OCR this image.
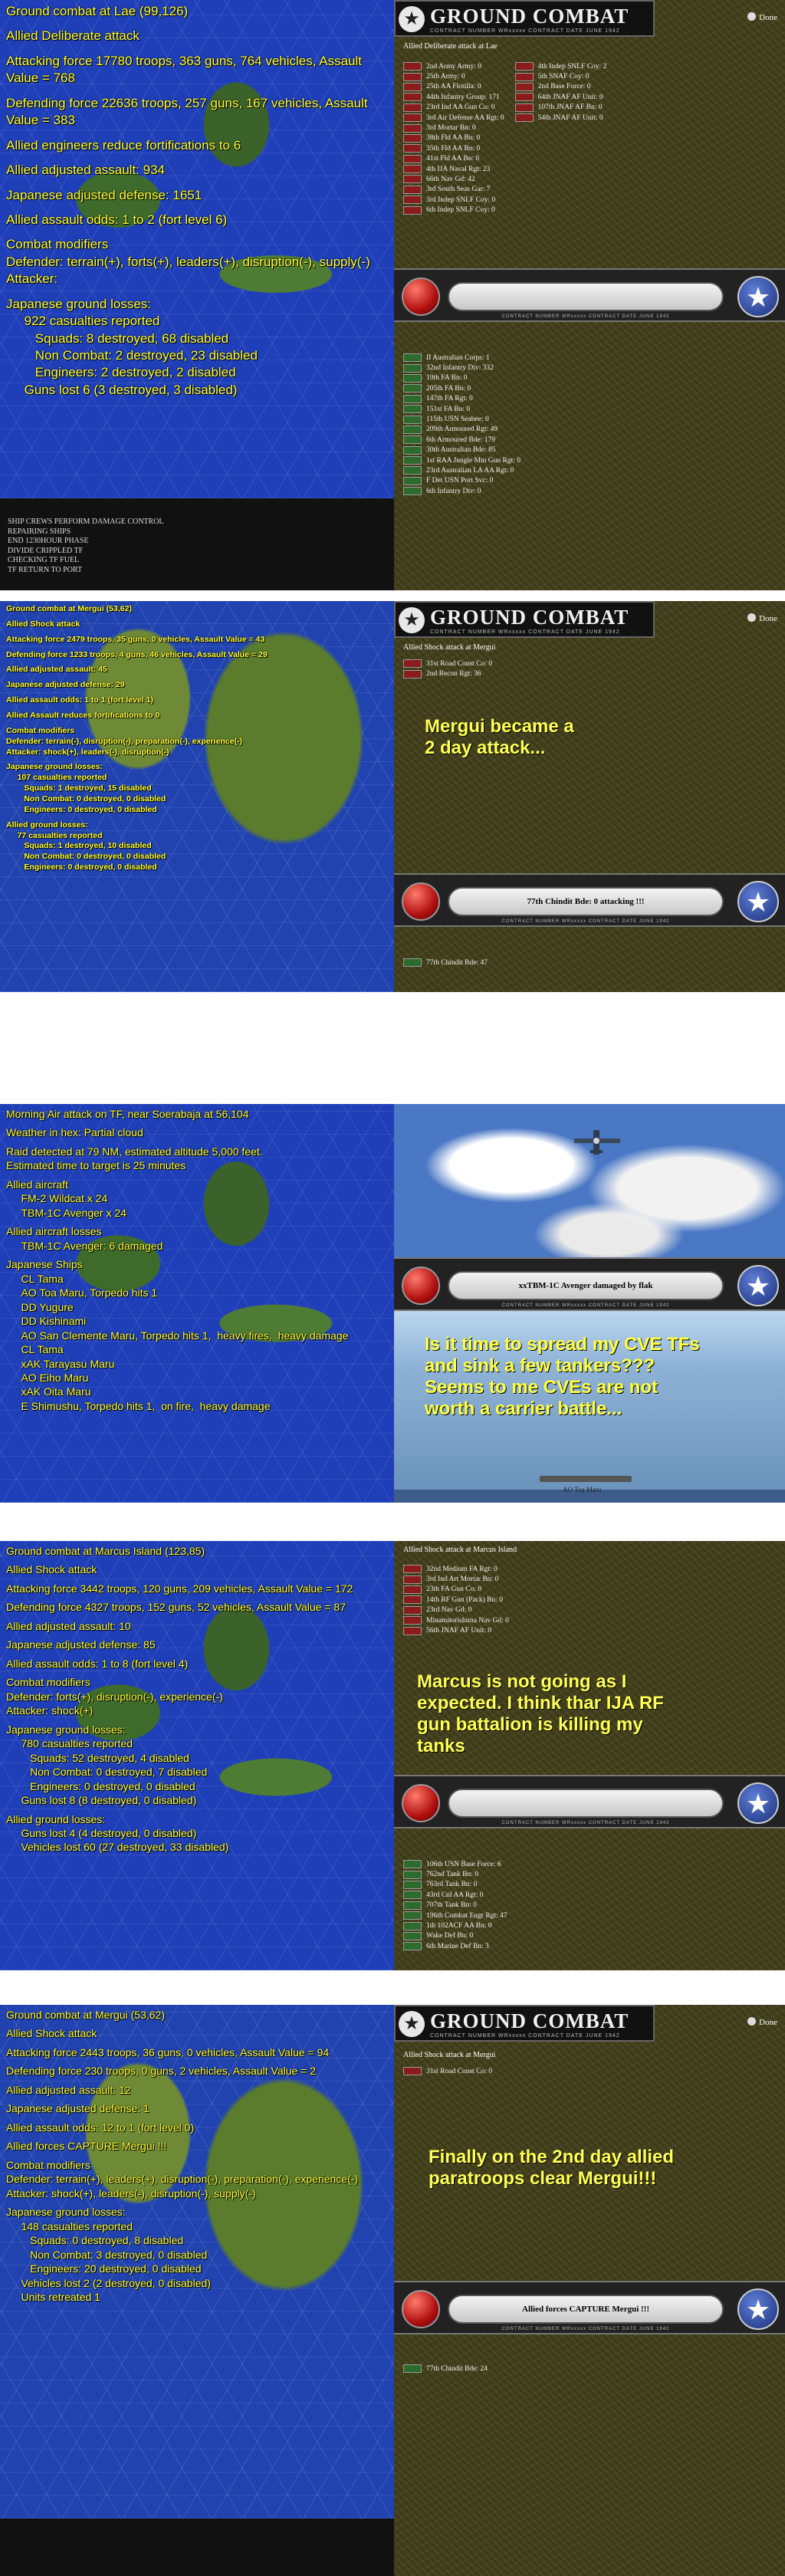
Ground combat at Lae (99,126)
Allied Deliberate attack
Attacking force 17780 troops, 363 guns, 764 vehicles, Assault Value = 768
Defending force 22636 troops, 257 guns, 167 vehicles, Assault Value = 383
Allied engineers reduce fortifications to 6
Allied adjusted assault: 934
Japanese adjusted defense: 1651
Allied assault odds: 1 to 2 (fort level 6)
Combat modifiers
Defender: terrain(+), forts(+), leaders(+), disruption(-), supply(-)
Attacker:
Japanese ground losses:
922 casualties reported
Squads: 8 destroyed, 68 disabled
Non Combat: 2 destroyed, 23 disabled
Engineers: 2 destroyed, 2 disabled
Guns lost 6 (3 destroyed, 3 disabled)
SHIP CREWS PERFORM DAMAGE CONTROL
REPAIRING SHIPS
END 1230HOUR PHASE
DIVIDE CRIPPLED TF
CHECKING TF FUEL
TF RETURN TO PORT
★ GROUND COMBAT
CONTRACT NUMBER WRxxxxx CONTRACT DATE JUNE 1942
Done
Allied Deliberate attack at Lae
2nd Army Army: 0
25th Army: 0
25th AA Flotilla: 0
44th Infantry Group: 171
23rd Ind AA Gun Co: 0
3rd Air Defense AA Rgt: 0
3rd Mortar Bn: 0
38th Fld AA Bn: 0
35th Fld AA Bn: 0
41st Fld AA Bn: 0
4th IJA Naval Rgt: 23
66th Nav Gd: 42
3rd South Seas Gar: 7
3rd Indep SNLF Coy: 0
6th Indep SNLF Coy: 0
4th Indep SNLF Coy: 2
5th SNAF Coy: 0
2nd Base Force: 0
64th JNAF AF Unit: 0
107th JNAF AF Bn: 0
54th JNAF AF Unit: 0
CONTRACT NUMBER WRxxxxx CONTRACT DATE JUNE 1942
★
II Australian Corps: 1
32nd Infantry Div: 332
19th FA Bn: 0
205th FA Bn: 0
147th FA Rgt: 0
151st FA Bn: 0
115th USN Seabee: 0
209th Armoured Rgt: 49
6th Armoured Bde: 179
30th Australian Bde: 85
1st RAA Jungle Mtn Gun Rgt: 0
23rd Australian LA AA Rgt: 0
F Det USN Port Svc: 0
6th Infantry Div: 0
Ground combat at Mergui (53,62)
Allied Shock attack
Attacking force 2479 troops, 35 guns, 0 vehicles, Assault Value = 43
Defending force 1233 troops, 4 guns, 46 vehicles, Assault Value = 29
Allied adjusted assault: 45
Japanese adjusted defense: 29
Allied assault odds: 1 to 1 (fort level 1)
Allied Assault reduces fortifications to 0
Combat modifiers
Defender: terrain(-), disruption(-), preparation(-), experience(-)
Attacker: shock(+), leaders(-), disruption(-)
Japanese ground losses:
107 casualties reported
Squads: 1 destroyed, 15 disabled
Non Combat: 0 destroyed, 0 disabled
Engineers: 0 destroyed, 0 disabled
Allied ground losses:
77 casualties reported
Squads: 1 destroyed, 10 disabled
Non Combat: 0 destroyed, 0 disabled
Engineers: 0 destroyed, 0 disabled
★ GROUND COMBAT
CONTRACT NUMBER WRxxxxx CONTRACT DATE JUNE 1942
Done
Allied Shock attack at Mergui
31st Road Const Co: 0
2nd Recon Rgt: 36
Mergui became a
2 day attack...
77th Chindit Bde: 0 attacking !!!
CONTRACT NUMBER WRxxxxx CONTRACT DATE JUNE 1942
★
77th Chindit Bde: 47
Morning Air attack on TF, near Soerabaja at 56,104
Weather in hex: Partial cloud
Raid detected at 79 NM, estimated altitude 5,000 feet.
Estimated time to target is 25 minutes
Allied aircraft
FM-2 Wildcat x 24
TBM-1C Avenger x 24
Allied aircraft losses
TBM-1C Avenger: 6 damaged
Japanese Ships
CL Tama
AO Toa Maru, Torpedo hits 1
DD Yugure
DD Kishinami
AO San Clemente Maru, Torpedo hits 1,  heavy fires,  heavy damage
CL Tama
xAK Tarayasu Maru
AO Eiho Maru
xAK Oita Maru
E Shimushu, Torpedo hits 1,  on fire,  heavy damage
xxTBM-1C Avenger damaged by flak
CONTRACT NUMBER WRxxxxx CONTRACT DATE JUNE 1942
★
Is it time to spread my CVE TFs
and sink a few tankers???
Seems to me CVEs are not
worth a carrier battle...
AO Toa Maru
Ground combat at Marcus Island (123,85)
Allied Shock attack
Attacking force 3442 troops, 120 guns, 209 vehicles, Assault Value = 172
Defending force 4327 troops, 152 guns, 52 vehicles, Assault Value = 87
Allied adjusted assault: 10
Japanese adjusted defense: 85
Allied assault odds: 1 to 8 (fort level 4)
Combat modifiers
Defender: forts(+), disruption(-), experience(-)
Attacker: shock(+)
Japanese ground losses:
780 casualties reported
Squads: 52 destroyed, 4 disabled
Non Combat: 0 destroyed, 7 disabled
Engineers: 0 destroyed, 0 disabled
Guns lost 8 (8 destroyed, 0 disabled)
Allied ground losses:
Guns lost 4 (4 destroyed, 0 disabled)
Vehicles lost 60 (27 destroyed, 33 disabled)
Allied Shock attack at Marcus Island
32nd Medium FA Rgt: 0
3rd Ind Art Mortar Bn: 0
23th FA Gun Co: 0
14th RF Gun (Pack) Bn: 0
23rd Nav Gd: 0
Minamitorishima Nav Gd: 0
56th JNAF AF Unit: 0
Marcus is not going as I
expected. I think thar IJA RF
gun battalion is killing my
tanks
CONTRACT NUMBER WRxxxxx CONTRACT DATE JUNE 1942
★
106th USN Base Force: 6
762nd Tank Bn: 0
763rd Tank Bn: 0
43rd Cnl AA Rgt: 0
707th Tank Bn: 0
196th Combat Engr Rgt: 47
1th 102ACF AA Bn: 0
Wake Def Bn: 0
6th Marine Def Bn: 3
Ground combat at Mergui (53,62)
Allied Shock attack
Attacking force 2443 troops, 36 guns, 0 vehicles, Assault Value = 94
Defending force 230 troops, 0 guns, 2 vehicles, Assault Value = 2
Allied adjusted assault: 12
Japanese adjusted defense: 1
Allied assault odds: 12 to 1 (fort level 0)
Allied forces CAPTURE Mergui !!!
Combat modifiers
Defender: terrain(+), leaders(+), disruption(-), preparation(-), experience(-)
Attacker: shock(+), leaders(-), disruption(-), supply(-)
Japanese ground losses:
148 casualties reported
Squads: 0 destroyed, 8 disabled
Non Combat: 3 destroyed, 0 disabled
Engineers: 20 destroyed, 0 disabled
Vehicles lost 2 (2 destroyed, 0 disabled)
Units retreated 1
★ GROUND COMBAT
CONTRACT NUMBER WRxxxxx CONTRACT DATE JUNE 1942
Done
Allied Shock attack at Mergui
31st Road Const Co: 0
Finally on the 2nd day allied
paratroops clear Mergui!!!
Allied forces CAPTURE Mergui !!!
CONTRACT NUMBER WRxxxxx CONTRACT DATE JUNE 1942
★
77th Chindit Bde: 24
